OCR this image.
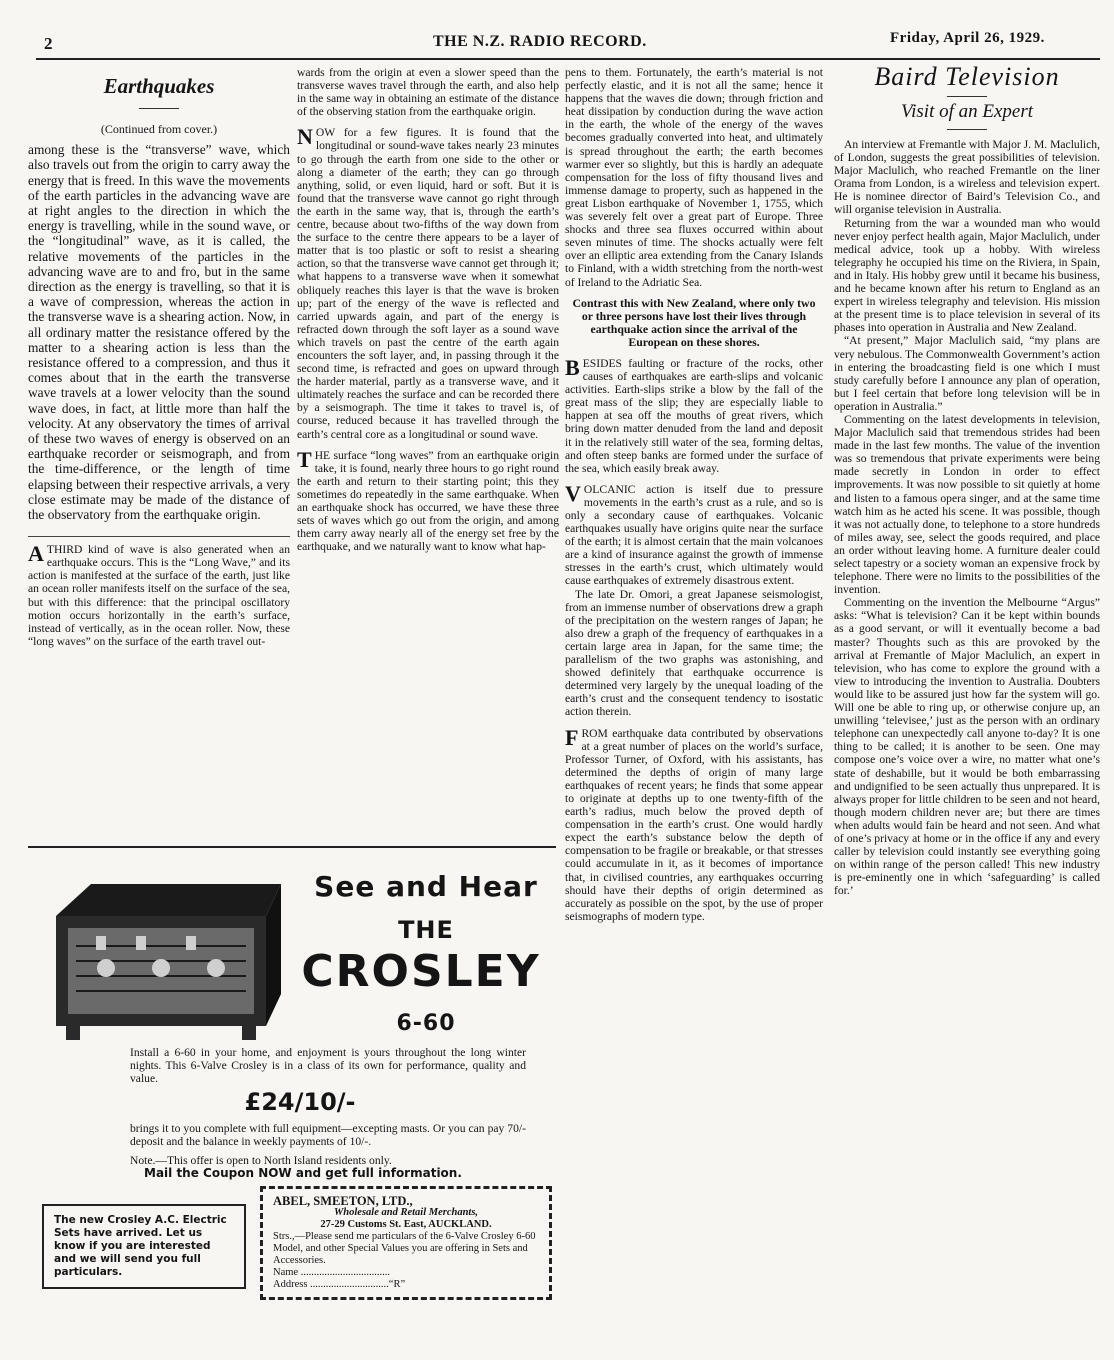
2	THE N.Z. RADIO RECORD.	Friday, April 26, 1929.
Earthquakes
(Continued from cover.)
among these is the “transverse” wave, which also travels out from the origin to carry away the energy that is freed. In this wave the movements of the earth particles in the advancing wave are at right angles to the direction in which the energy is travelling, while in the sound wave, or the “longitudinal” wave, as it is called, the relative movements of the particles in the advancing wave are to and fro, but in the same direction as the energy is travelling, so that it is a wave of compression, whereas the action in the transverse wave is a shearing action. Now, in all ordinary matter the resistance offered by the matter to a shearing action is less than the resistance offered to a compression, and thus it comes about that in the earth the transverse wave travels at a lower velocity than the sound wave does, in fact, at little more than half the velocity. At any observatory the times of arrival of these two waves of energy is observed on an earthquake recorder or seismograph, and from the time-difference, or the length of time elapsing between their respective arrivals, a very close estimate may be made of the distance of the observatory from the earthquake origin.
A THIRD kind of wave is also generated when an earthquake occurs. This is the “Long Wave,” and its action is manifested at the surface of the earth, just like an ocean roller manifests itself on the surface of the sea, but with this difference: that the principal oscillatory motion occurs horizontally in the earth’s surface, instead of vertically, as in the ocean roller. Now, these “long waves” on the surface of the earth travel out-
wards from the origin at even a slower speed than the transverse waves travel through the earth, and also help in the same way in obtaining an estimate of the distance of the observing station from the earthquake origin.
NOW for a few figures. It is found that the longitudinal or sound-wave takes nearly 23 minutes to go through the earth from one side to the other or along a diameter of the earth; they can go through anything, solid, or even liquid, hard or soft. But it is found that the transverse wave cannot go right through the earth in the same way, that is, through the earth’s centre, because about two-fifths of the way down from the surface to the centre there appears to be a layer of matter that is too plastic or soft to resist a shearing action, so that the transverse wave cannot get through it; what happens to a transverse wave when it somewhat obliquely reaches this layer is that the wave is broken up; part of the energy of the wave is reflected and carried upwards again, and part of the energy is refracted down through the soft layer as a sound wave which travels on past the centre of the earth again encounters the soft layer, and, in passing through it the second time, is refracted and goes on upward through the harder material, partly as a transverse wave, and it ultimately reaches the surface and can be recorded there by a seismograph. The time it takes to travel is, of course, reduced because it has travelled through the earth’s central core as a longitudinal or sound wave.
THE surface “long waves” from an earthquake origin take, it is found, nearly three hours to go right round the earth and return to their starting point; this they sometimes do repeatedly in the same earthquake. When an earthquake shock has occurred, we have these three sets of waves which go out from the origin, and among them carry away nearly all of the energy set free by the earthquake, and we naturally want to know what hap-
pens to them. Fortunately, the earth’s material is not perfectly elastic, and it is not all the same; hence it happens that the waves die down; through friction and heat dissipation by conduction during the wave action in the earth, the whole of the energy of the waves becomes gradually converted into heat, and ultimately is spread throughout the earth; the earth becomes warmer ever so slightly, but this is hardly an adequate compensation for the loss of fifty thousand lives and immense damage to property, such as happened in the great Lisbon earthquake of November 1, 1755, which was severely felt over a great part of Europe. Three shocks and three sea fluxes occurred within about seven minutes of time. The shocks actually were felt over an elliptic area extending from the Canary Islands to Finland, with a width stretching from the north-west of Ireland to the Adriatic Sea.
Contrast this with New Zealand, where only two or three persons have lost their lives through earthquake action since the arrival of the European on these shores.
BESIDES faulting or fracture of the rocks, other causes of earthquakes are earth-slips and volcanic activities. Earth-slips strike a blow by the fall of the great mass of the slip; they are especially liable to happen at sea off the mouths of great rivers, which bring down matter denuded from the land and deposit it in the relatively still water of the sea, forming deltas, and often steep banks are formed under the surface of the sea, which easily break away.
VOLCANIC action is itself due to pressure movements in the earth’s crust as a rule, and so is only a secondary cause of earthquakes. Volcanic earthquakes usually have origins quite near the surface of the earth; it is almost certain that the main volcanoes are a kind of insurance against the growth of immense stresses in the earth’s crust, which ultimately would cause earthquakes of extremely disastrous extent.

The late Dr. Omori, a great Japanese seismologist, from an immense number of observations drew a graph of the precipitation on the western ranges of Japan; he also drew a graph of the frequency of earthquakes in a certain large area in Japan, for the same time; the parallelism of the two graphs was astonishing, and showed definitely that earthquake occurrence is determined very largely by the unequal loading of the earth’s crust and the consequent tendency to isostatic action therein.

FROM earthquake data contributed by observations at a great number of places on the world’s surface, Professor Turner, of Oxford, with his assistants, has determined the depths of origin of many large earthquakes of recent years; he finds that some appear to originate at depths up to one twenty-fifth of the earth’s radius, much below the proved depth of compensation in the earth’s crust. One would hardly expect the earth’s substance below the depth of compensation to be fragile or breakable, or that stresses could accumulate in it, as it becomes of importance that, in civilised countries, any earthquakes occurring should have their depths of origin determined as accurately as possible on the spot, by the use of proper seismographs of modern type.
Baird Television
Visit of an Expert

An interview at Fremantle with Major J. M. Maclulich, of London, suggests the great possibilities of television. Major Maclulich, who reached Fremantle on the liner Orama from London, is a wireless and television expert. He is nominee director of Baird’s Television Co., and will organise television in Australia.

Returning from the war a wounded man who would never enjoy perfect health again, Major Maclulich, under medical advice, took up a hobby. With wireless telegraphy he occupied his time on the Riviera, in Spain, and in Italy. His hobby grew until it became his business, and he became known after his return to England as an expert in wireless telegraphy and television. His mission at the present time is to place television in several of its phases into operation in Australia and New Zealand.

“At present,” Major Maclulich said, “my plans are very nebulous. The Commonwealth Government’s action in entering the broadcasting field is one which I must study carefully before I announce any plan of operation, but I feel certain that before long television will be in operation in Australia.”

Commenting on the latest developments in television, Major Maclulich said that tremendous strides had been made in the last few months. The value of the invention was so tremendous that private experiments were being made secretly in London in order to effect improvements. It was now possible to sit quietly at home and listen to a famous opera singer, and at the same time watch him as he acted his scene. It was possible, though it was not actually done, to telephone to a store hundreds of miles away, see, select the goods required, and place an order without leaving home. A furniture dealer could select tapestry or a society woman an expensive frock by telephone. There were no limits to the possibilities of the invention.

Commenting on the invention the Melbourne “Argus” asks: “What is television? Can it be kept within bounds as a good servant, or will it eventually become a bad master? Thoughts such as this are provoked by the arrival at Fremantle of Major Maclulich, an expert in television, who has come to explore the ground with a view to introducing the invention to Australia. Doubters would like to be assured just how far the system will go. Will one be able to ring up, or otherwise conjure up, an unwilling ‘televisee,’ just as the person with an ordinary telephone can unexpectedly call anyone to-day? It is one thing to be called; it is another to be seen. One may compose one’s voice over a wire, no matter what one’s state of deshabille, but it would be both embarrassing and undignified to be seen actually thus unprepared. It is always proper for little children to be seen and not heard, though modern children never are; but there are times when adults would fain be heard and not seen. And what of one’s privacy at home or in the office if any and every caller by television could instantly see everything going on within range of the person called! This new industry is pre-eminently one in which ‘safeguarding’ is called for.’

See and Hear
THE
CROSLEY
6-60
Install a 6-60 in your home, and enjoyment is yours throughout the long winter nights. This 6-Valve Crosley is in a class of its own for performance, quality and value.
£24/10/-
brings it to you complete with full equipment—excepting masts. Or you can pay 70/- deposit and the balance in weekly payments of 10/-.
Note.—This offer is open to North Island residents only.
Mail the Coupon NOW and get full information.
The new Crosley A.C. Electric Sets have arrived. Let us know if you are interested and we will send you full particulars.
ABEL, SMEETON, LTD.,
Wholesale and Retail Merchants,
27-29 Customs St. East, AUCKLAND.
Strs.,—Please send me particulars of the 6-Valve Crosley 6-60 Model, and other Special Values you are offering in Sets and Accessories.
Name ..................................
Address ..............................“R”
